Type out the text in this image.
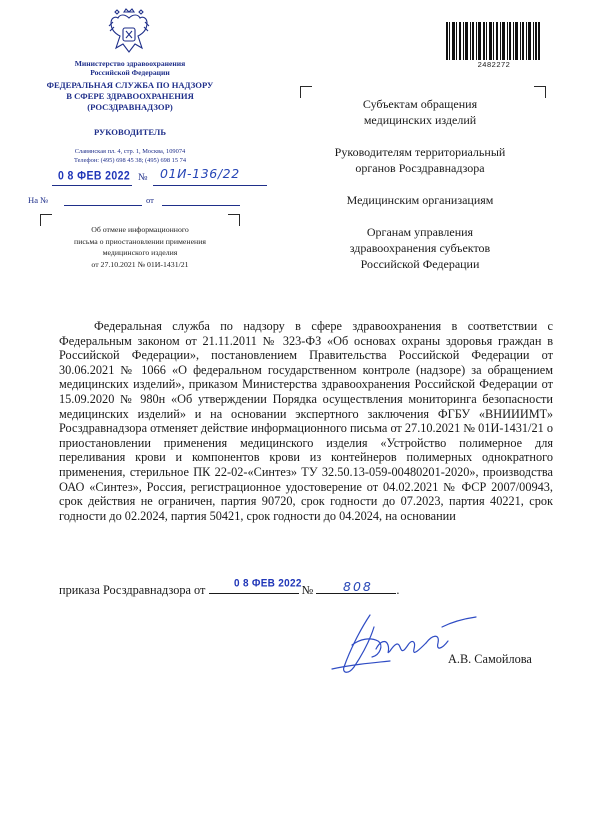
Министерство здравоохранения
Российской Федерации
ФЕДЕРАЛЬНАЯ СЛУЖБА ПО НАДЗОРУ
В СФЕРЕ ЗДРАВООХРАНЕНИЯ
(РОСЗДРАВНАДЗОР)
РУКОВОДИТЕЛЬ
Славянская пл. 4, стр. 1, Москва, 109074
Телефон: (495) 698 45 38; (495) 698 15 74
0 8 ФЕВ 2022 № 01И-136/22
На №	от
Об отмене информационного
письма о приостановлении применения
медицинского изделия
от 27.10.2021 № 01И-1431/21
2482272
Субъектам обращения
медицинских изделий
Руководителям территориальный
органов Росздравнадзора
Медицинским организациям
Органам управления
здравоохранения субъектов
Российской Федерации
Федеральная служба по надзору в сфере здравоохранения в соответствии с Федеральным законом от 21.11.2011 № 323-ФЗ «Об основах охраны здоровья граждан в Российской Федерации», постановлением Правительства Российской Федерации от 30.06.2021 № 1066 «О федеральном государственном контроле (надзоре) за обращением медицинских изделий», приказом Министерства здравоохранения Российской Федерации от 15.09.2020 № 980н «Об утверждении Порядка осуществления мониторинга безопасности медицинских изделий» и на основании экспертного заключения ФГБУ «ВНИИИМТ» Росздравнадзора отменяет действие информационного письма от 27.10.2021 № 01И-1431/21 о приостановлении применения медицинского изделия «Устройство полимерное для переливания крови и компонентов крови из контейнеров полимерных однократного применения, стерильное ПК 22-02-«Синтез» ТУ 32.50.13-059-00480201-2020», производства ОАО «Синтез», Россия, регистрационное удостоверение от 04.02.2021 № ФСР 2007/00943, срок действия не ограничен, партия 90720, срок годности до 07.2023, партия 40221, срок годности до 02.2024, партия 50421, срок годности до 04.2024, на основании
приказа Росздравнадзора от	№	.
0 8 ФЕВ 2022	808
А.В. Самойлова
